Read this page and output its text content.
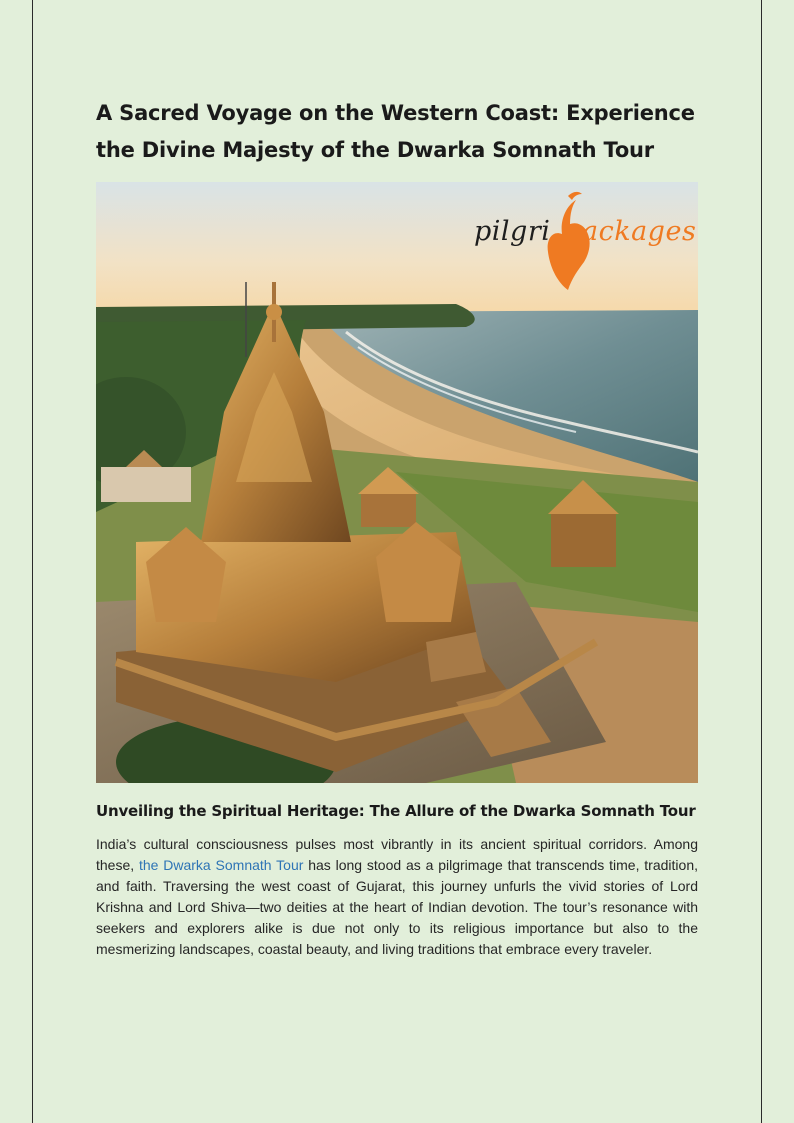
A Sacred Voyage on the Western Coast: Experience the Divine Majesty of the Dwarka Somnath Tour
pilgri ackages
Unveiling the Spiritual Heritage: The Allure of the Dwarka Somnath Tour

India’s cultural consciousness pulses most vibrantly in its ancient spiritual corridors. Among these, the Dwarka Somnath Tour has long stood as a pilgrimage that transcends time, tradition, and faith. Traversing the west coast of Gujarat, this journey unfurls the vivid stories of Lord Krishna and Lord Shiva—two deities at the heart of Indian devotion. The tour’s resonance with seekers and explorers alike is due not only to its religious importance but also to the mesmerizing landscapes, coastal beauty, and living traditions that embrace every traveler.
